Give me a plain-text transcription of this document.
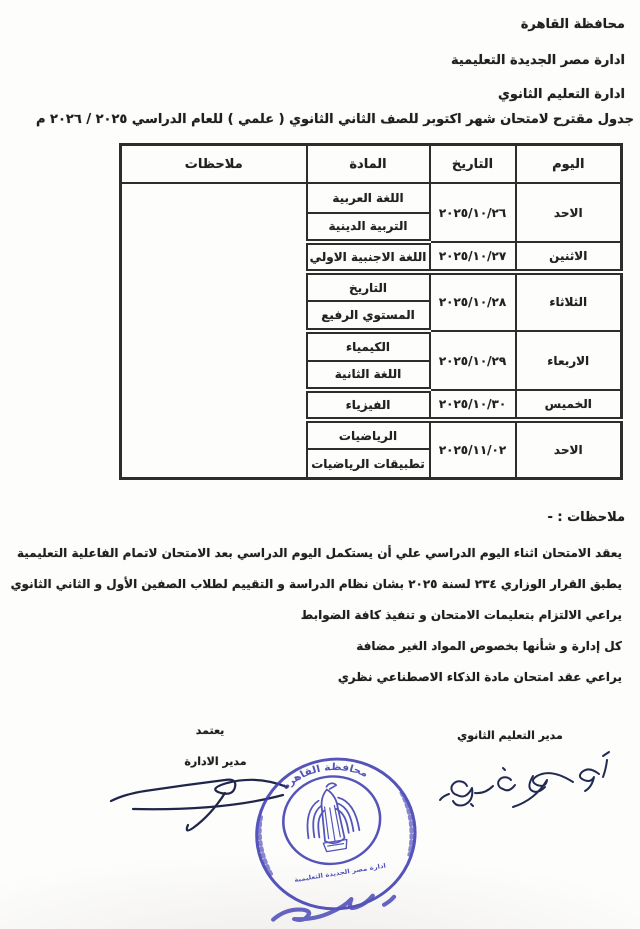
محافظة القاهرة
ادارة مصر الجديدة التعليمية
ادارة التعليم الثانوي
جدول مقترح لامتحان شهر اكتوبر للصف الثاني الثانوي ( علمي ) للعام الدراسي ٢٠٢٥ / ٢٠٢٦ م
اليوم	التاريخ	المادة	ملاحظات
الاحد	٢٠٢٥/١٠/٢٦	اللغة العربية	
		التربية الدينية	
الاثنين	٢٠٢٥/١٠/٢٧	اللغة الاجنبية الاولي	
الثلاثاء	٢٠٢٥/١٠/٢٨	التاريخ	
		المستوي الرفيع	
الاربعاء	٢٠٢٥/١٠/٢٩	الكيمياء	
		اللغة الثانية	
الخميس	٢٠٢٥/١٠/٣٠	الفيزياء	
الاحد	٢٠٢٥/١١/٠٢	الرياضيات	
		تطبيقات الرياضيات	
ملاحظات : -
يعقد الامتحان اثناء اليوم الدراسي علي أن يستكمل اليوم الدراسي بعد الامتحان لاتمام الفاعلية التعليمية
يطبق القرار الوزاري ٢٣٤ لسنة ٢٠٢٥ بشان نظام الدراسة و التقييم لطلاب الصفين الأول و الثاني الثانوي
يراعي الالتزام بتعليمات الامتحان و تنفيذ كافة الضوابط
كل إدارة و شأنها بخصوص المواد الغير مضافة
يراعي عقد امتحان مادة الذكاء الاصطناعي نظري
مدير التعليم الثانوي
يعتمد
مدير الادارة
محافظة القاهرة
ادارة مصر الجديدة التعليمية
